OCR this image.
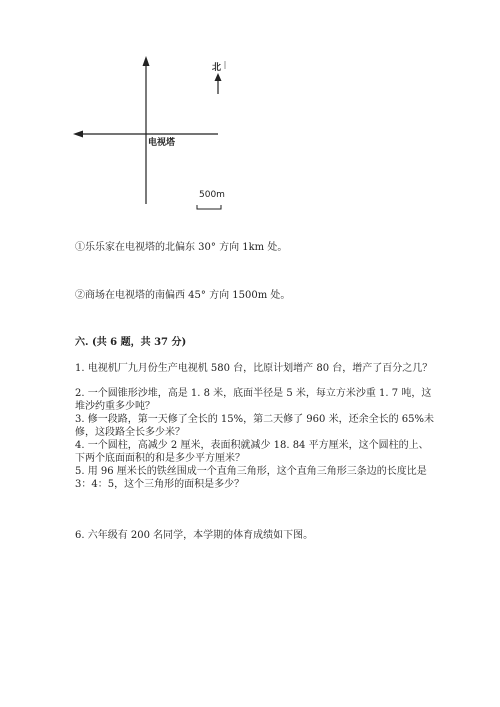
北
电视塔
500m
①乐乐家在电视塔的北偏东 30° 方向 1km 处。
②商场在电视塔的南偏西 45° 方向 1500m 处。
六. (共 6 题，共 37 分)
1. 电视机厂九月份生产电视机 580 台，比原计划增产 80 台，增产了百分之几？
2. 一个圆锥形沙堆，高是 1. 8 米，底面半径是 5 米，每立方米沙重 1. 7 吨，这
堆沙约重多少吨？
3. 修一段路，第一天修了全长的 15%，第二天修了 960 米，还余全长的 65%未
修，这段路全长多少米？
4. 一个圆柱，高减少 2 厘米，表面积就减少 18. 84 平方厘米，这个圆柱的上、
下两个底面面积的和是多少平方厘米？
5. 用 96 厘米长的铁丝围成一个直角三角形，这个直角三角形三条边的长度比是
3：4：5，这个三角形的面积是多少？
6. 六年级有 200 名同学，本学期的体育成绩如下图。
